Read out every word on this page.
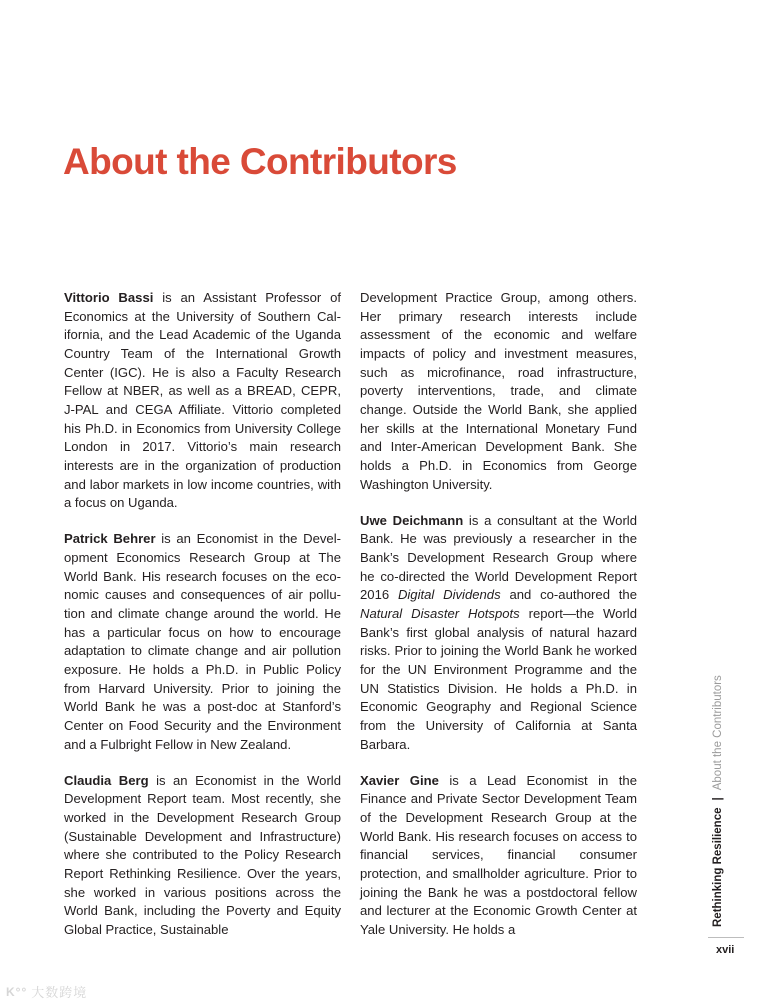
About the Contributors

Vittorio Bassi is an Assistant Professor of Economics at the University of Southern California, and the Lead Academic of the Uganda Country Team of the International Growth Center (IGC). He is also a Faculty Research Fellow at NBER, as well as a BREAD, CEPR, J-PAL and CEGA Affiliate. Vittorio completed his Ph.D. in Economics from University College London in 2017. Vittorio’s main research interests are in the organization of production and labor markets in low income countries, with a focus on Uganda.

Patrick Behrer is an Economist in the Development Economics Research Group at The World Bank. His research focuses on the economic causes and consequences of air pollution and climate change around the world. He has a particular focus on how to encourage adaptation to climate change and air pollution exposure. He holds a Ph.D. in Public Policy from Harvard University. Prior to joining the World Bank he was a post-doc at Stanford’s Center on Food Security and the Environment and a Fulbright Fellow in New Zealand.

Claudia Berg is an Economist in the World Development Report team. Most recently, she worked in the Development Research Group (Sustainable Development and Infrastructure) where she contributed to the Policy Research Report Rethinking Resilience. Over the years, she worked in various positions across the World Bank, including the Poverty and Equity Global Practice, Sustainable

Development Practice Group, among others. Her primary research interests include assessment of the economic and welfare impacts of policy and investment measures, such as microfinance, road infrastructure, poverty interventions, trade, and climate change. Outside the World Bank, she applied her skills at the International Monetary Fund and Inter-American Development Bank. She holds a Ph.D. in Economics from George Washington University.

Uwe Deichmann is a consultant at the World Bank. He was previously a researcher in the Bank’s Development Research Group where he co-directed the World Development Report 2016 Digital Dividends and co-authored the Natural Disaster Hotspots report—the World Bank’s first global analysis of natural hazard risks. Prior to joining the World Bank he worked for the UN Environment Programme and the UN Statistics Division. He holds a Ph.D. in Economic Geography and Regional Science from the University of California at Santa Barbara.

Xavier Gine is a Lead Economist in the Finance and Private Sector Development Team of the Development Research Group at the World Bank. His research focuses on access to financial services, financial consumer protection, and smallholder agriculture. Prior to joining the Bank he was a postdoctoral fellow and lecturer at the Economic Growth Center at Yale University. He holds a

Rethinking Resilience
|
About the Contributors
xvii
K°° 大数跨境
